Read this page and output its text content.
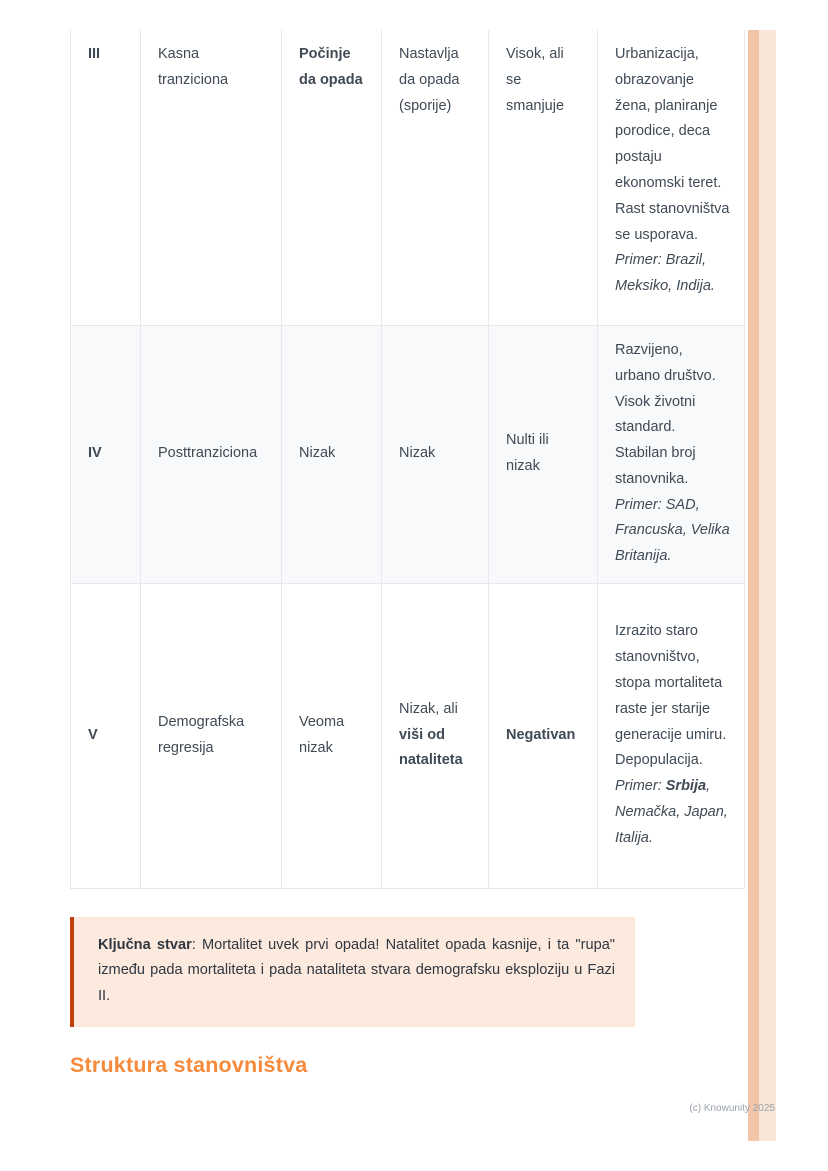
III	Kasna tranziciona	Počinje da opada	Nastavlja da opada (sporije)	Visok, ali se smanjuje	Urbanizacija, obrazovanje žena, planiranje porodice, deca postaju ekonomski teret. Rast stanovništva se usporava. Primer: Brazil, Meksiko, Indija.
IV	Posttranziciona	Nizak	Nizak	Nulti ili nizak	Razvijeno, urbano društvo. Visok životni standard. Stabilan broj stanovnika. Primer: SAD, Francuska, Velika Britanija.
V	Demografska regresija	Veoma nizak	Nizak, ali viši od nataliteta	Negativan	Izrazito staro stanovništvo, stopa mortaliteta raste jer starije generacije umiru. Depopulacija. Primer: Srbija, Nemačka, Japan, Italija.
Ključna stvar: Mortalitet uvek prvi opada! Natalitet opada kasnije, i ta "rupa" između pada mortaliteta i pada nataliteta stvara demografsku eksploziju u Fazi II.
Struktura stanovništva
(c) Knowunity 2025
